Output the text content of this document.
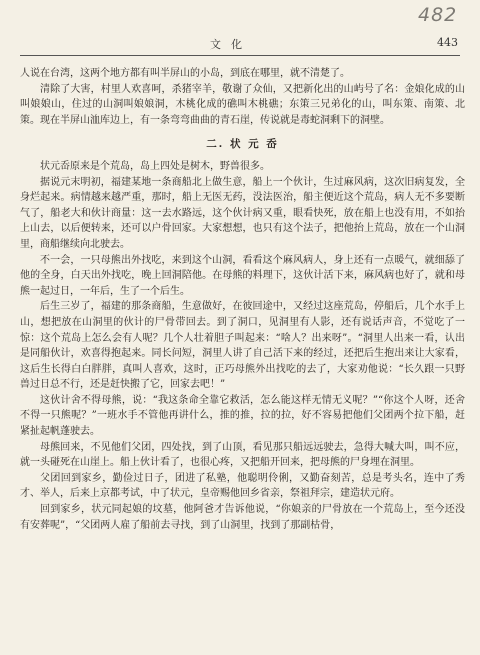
482
文化	443

人说在台湾，这两个地方都有叫半屏山的小岛，到底在哪里，就不清楚了。

清除了大害，村里人欢喜呵，杀猪宰羊，敬谢了众仙，又把新化出的山屿号了名：金娘化成的山叫娘娘山，住过的山洞叫娘娘洞，木桃化成的礁叫木桃礁；东策三兄弟化的山，叫东策、南策、北策。现在半屏山洫库边上，有一条弯弯曲曲的青石崖，传说就是毒蛇洞剩下的洞壁。

二. 状 元 岙

状元岙原来是个荒岛，岛上四处是树木，野兽很多。

据说元末明初，福建某地一条商船北上做生意，船上一个伙计，生过麻风病，这次旧病复发，全身烂起来。病情越来越严重，那时，船上无医无药，没法医治，船主便近这个荒岛，病人无不多要断气了，船老大和伙计商量：这一去水路远，这个伙计病又重，眼看快死，放在船上也没有用，不如抬上山去，以后便转来，还可以户骨回家。大家想想，也只有这个法子，把他抬上荒岛，放在一个山洞里，商船继续向北驶去。

不一会，一只母熊出外找吃，来到这个山洞，看看这个麻风病人，身上还有一点暖气，就细舔了他的全身，白天出外找吃，晚上回洞陪他。在母熊的料理下，这伙计活下来，麻风病也好了，就和母熊一起过日，一年后，生了一个后生。

后生三岁了，福建的那条商船，生意做好，在彼回途中，又经过这座荒岛，停船后，几个水手上山，想把放在山洞里的伙计的尸骨带回去。到了洞口，见洞里有人影，还有说话声音，不觉吃了一惊：这个荒岛上怎么会有人呢？几个人壮着胆子叫起来：“啥人？出来呀”。“洞里人出来一看，认出是同船伙计，欢喜得抱起来。同长问短，洞里人讲了自己活下来的经过，还把后生抱出来让大家看，这后生长得白白胖胖，真叫人喜欢，这时，正巧母熊外出找吃的去了，大家劝他说：“长久跟一只野兽过日总不行，还是赶快搬了它，回家去吧！”

这伙计舍不得母熊，说：“我这条命全靠它救活，怎么能这样无情无义呢？”“你这个人呀，还舍不得一只熊呢？”一班水手不管他再讲什么，推的推，拉的拉，好不容易把他们父团两个拉下船，赶紧扯起帆蓬驶去。

母熊回来，不见他们父团，四处找，到了山顶，看见那只船远远驶去，急得大喊大叫，叫不应，就一头碰死在山崖上。船上伙计看了，也很心疼，又把船开回来，把母熊的尸身埋在洞里。

父团回到家乡，勤俭过日子，团进了私塾，他聪明伶俐，又勤奋刻苦，总是考头名，连中了秀才、举人，后来上京都考试，中了状元，皇帝赐他回乡省亲，祭祖拜宗，建造状元府。

回到家乡，状元同起娘的坟墓，他阿爸才告诉他说，“你娘亲的尸骨放在一个荒岛上，至今还没有安葬呢”，“父团两人雇了船前去寻找，到了山洞里，找到了那副枯骨，
